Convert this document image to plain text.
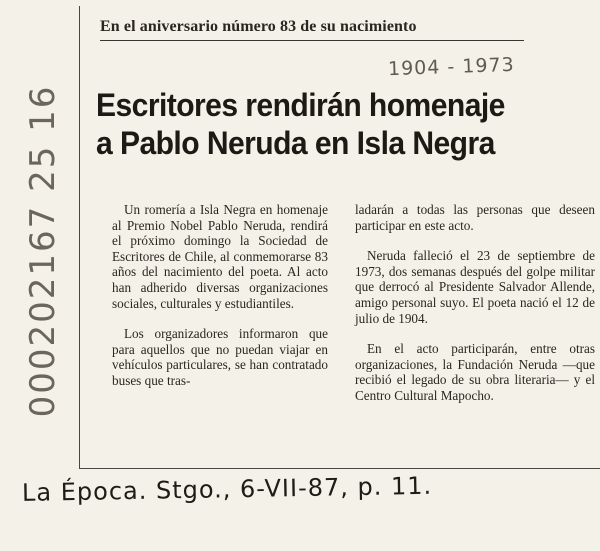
En el aniversario número 83 de su nacimiento
1904 - 1973
Escritores rendirán homenaje
a Pablo Neruda en Isla Negra
000202167 25 16	Un romería a Isla Negra en homenaje al Premio Nobel Pablo Neruda, rendirá el próximo domingo la Sociedad de Escritores de Chile, al conmemorarse 83 años del nacimiento del poeta. Al acto han adherido diversas organizaciones sociales, culturales y estudiantiles.

Los organizadores informaron que para aquellos que no puedan viajar en vehículos particulares, se han contratado buses que tras-

ladarán a todas las personas que deseen participar en este acto.

Neruda falleció el 23 de septiembre de 1973, dos semanas después del golpe militar que derrocó al Presidente Salvador Allende, amigo personal suyo. El poeta nació el 12 de julio de 1904.

En el acto participarán, entre otras organizaciones, la Fundación Neruda —que recibió el legado de su obra literaria— y el Centro Cultural Mapocho.

La Época. Stgo., 6-VII-87, p. 11.
